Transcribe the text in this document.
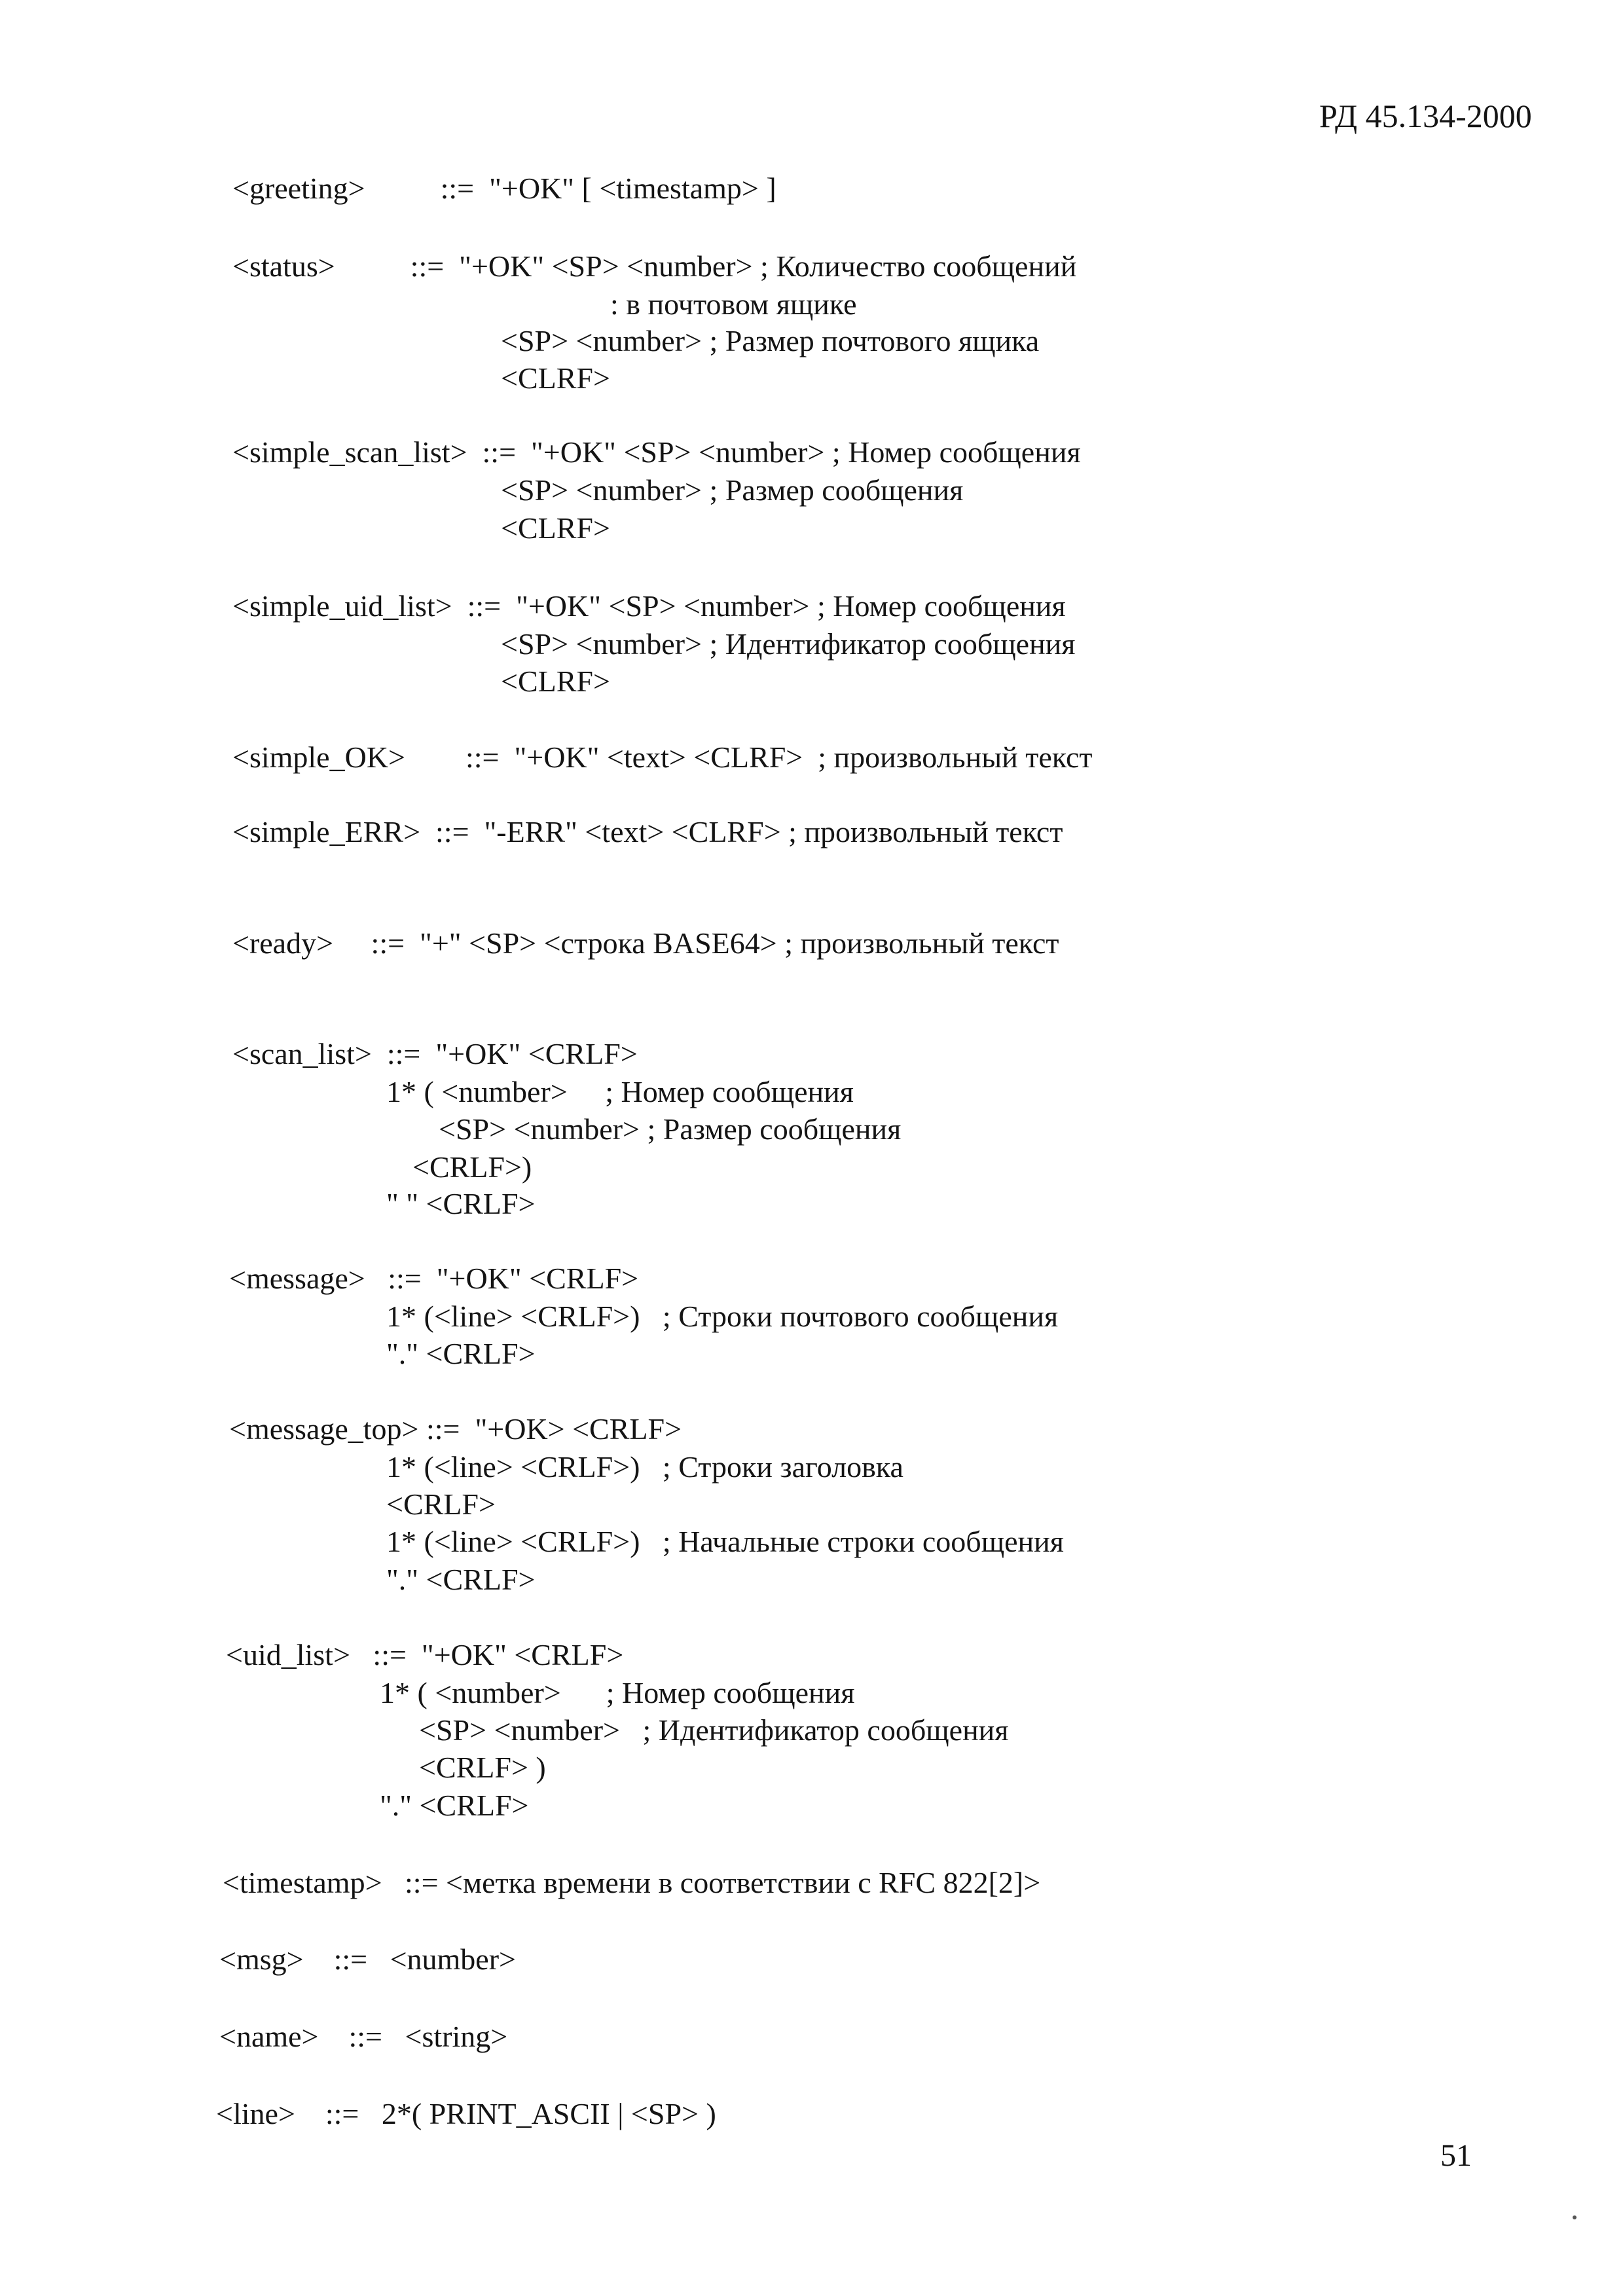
РД 45.134-2000
<greeting>          ::=  "+OK" [ <timestamp> ]
<status>          ::=  "+OK" <SP> <number> ; Количество сообщений
: в почтовом ящике
<SP> <number> ; Размер почтового ящика
<CLRF>
<simple_scan_list>  ::=  "+OK" <SP> <number> ; Номер сообщения
<SP> <number> ; Размер сообщения
<CLRF>
<simple_uid_list>  ::=  "+OK" <SP> <number> ; Номер сообщения
<SP> <number> ; Идентификатор сообщения
<CLRF>
<simple_OK>        ::=  "+OK" <text> <CLRF>  ; произвольный текст
<simple_ERR>  ::=  "-ERR" <text> <CLRF> ; произвольный текст
<ready>     ::=  "+" <SP> <строка BASE64> ; произвольный текст
<scan_list>  ::=  "+OK" <CRLF>
1* ( <number>     ; Номер сообщения
<SP> <number> ; Размер сообщения
<CRLF>)
" " <CRLF>
<message>   ::=  "+OK" <CRLF>
1* (<line> <CRLF>)   ; Строки почтового сообщения
"." <CRLF>
<message_top> ::=  "+OK> <CRLF>
1* (<line> <CRLF>)   ; Строки заголовка
<CRLF>
1* (<line> <CRLF>)   ; Начальные строки сообщения
"." <CRLF>
<uid_list>   ::=  "+OK" <CRLF>
1* ( <number>      ; Номер сообщения
<SP> <number>   ; Идентификатор сообщения
<CRLF> )
"." <CRLF>
<timestamp>   ::= <метка времени в соответствии с RFC 822[2]>
<msg>    ::=   <number>
<name>    ::=   <string>
<line>    ::=   2*( PRINT_ASCII | <SP> )
51
